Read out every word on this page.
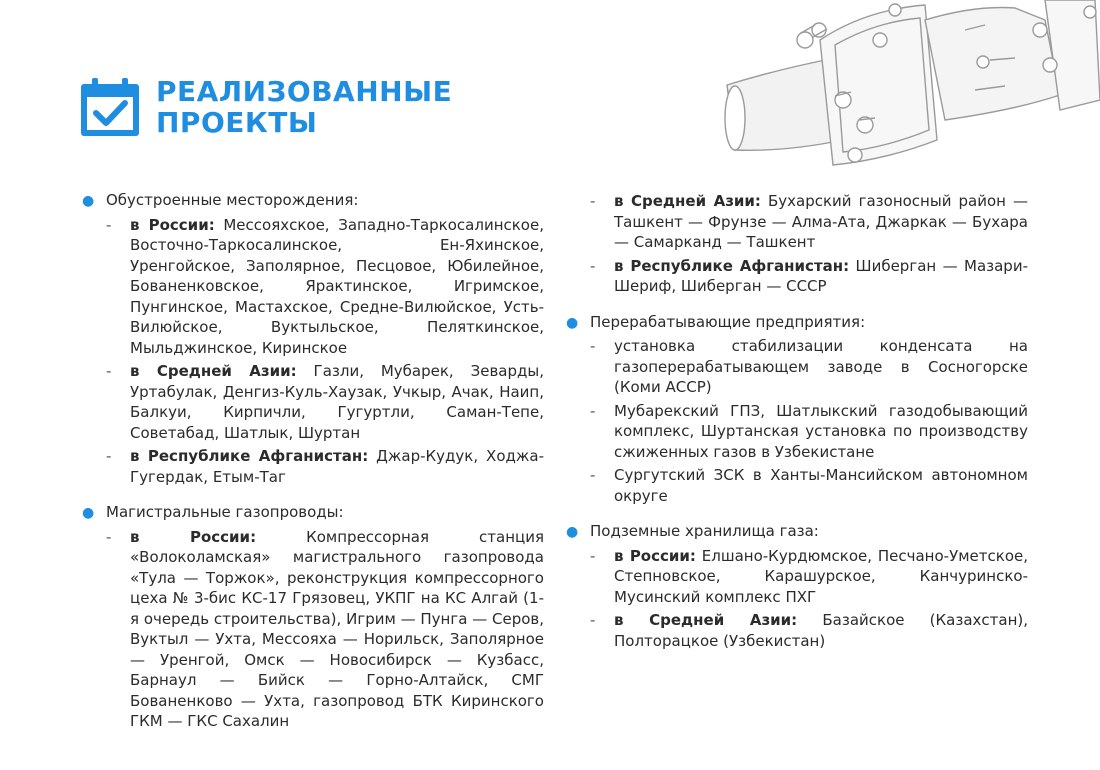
РЕАЛИЗОВАННЫЕ
ПРОЕКТЫ
● Обустроенные месторождения:
-	в России: Мессояхское, Западно-Таркосалинское, Восточно-Таркосалинское, Ен-Яхинское, Уренгойское, Заполярное, Песцовое, Юбилейное, Бованенковское, Ярактинское, Игримское, Пунгинское, Мастахское, Средне-Вилюйское, Усть-Вилюйское, Вуктыльское, Пеляткинское, Мыльджинское, Киринское
-	в Средней Азии: Газли, Мубарек, Зеварды, Уртабулак, Денгиз-Куль-Хаузак, Учкыр, Ачак, Наип, Балкуи, Кирпичли, Гугуртли, Саман-Тепе, Советабад, Шатлык, Шуртан
-	в Республике Афганистан: Джар-Кудук, Ходжа-Гугердак, Етым-Таг
● Магистральные газопроводы:
-	в России: Компрессорная станция «Волоколамская» магистрального газопровода «Тула — Торжок», реконструкция компрессорного цеха № 3-бис КС-17 Грязовец, УКПГ на КС Алгай (1-я очередь строительства), Игрим — Пунга — Серов, Вуктыл — Ухта, Мессояха — Норильск, Заполярное — Уренгой, Омск — Новосибирск — Кузбасс, Барнаул — Бийск — Горно-Алтайск, СМГ Бованенково — Ухта, газопровод БТК Киринского ГКМ — ГКС Сахалин
-	в Средней Азии: Бухарский газоносный район — Ташкент — Фрунзе — Алма-Ата, Джаркак — Бухара — Самарканд — Ташкент
-	в Республике Афганистан: Шиберган — Мазари-Шериф, Шиберган — СССР
● Перерабатывающие предприятия:
-	установка стабилизации конденсата на газоперерабатывающем заводе в Сосногорске (Коми АССР)
-	Мубарекский ГПЗ, Шатлыкский газодобывающий комплекс, Шуртанская установка по производству сжиженных газов в Узбекистане
-	Сургутский ЗСК в Ханты-Мансийском автономном округе
● Подземные хранилища газа:
-	в России: Елшано-Курдюмское, Песчано-Уметское, Степновское, Карашурское, Канчуринско-Мусинский комплекс ПХГ
-	в Средней Азии: Базайское (Казахстан), Полторацкое (Узбекистан)
